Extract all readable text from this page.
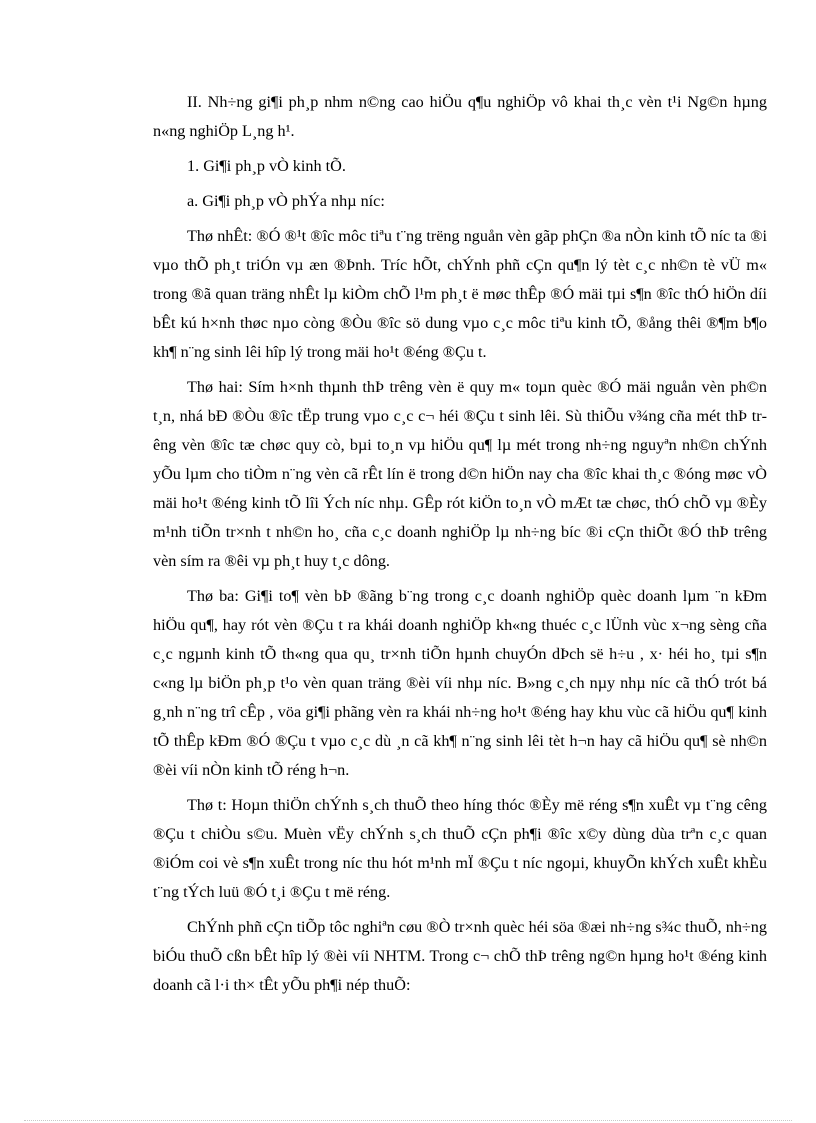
II. Nh÷ng gi¶i ph¸p nhm n©ng cao hiÖu q¶u nghiÖp vô khai th¸c vèn t¹i Ng©n hµng n«ng nghiÖp L¸ng h¹.

1. Gi¶i ph¸p vÒ kinh tÕ.

a. Gi¶i ph¸p vÒ phÝa nhµ níc:

Thø nhÊt: ®Ó ®¹t ®îc môc tiªu t¨ng trëng nguån vèn gãp phÇn ®a nÒn kinh tÕ níc ta ®i vµo thÕ ph¸t triÓn vµ æn ®Þnh. Tríc hÕt, chÝnh phñ cÇn qu¶n lý tèt c¸c nh©n tè vÜ m« trong ®ã quan träng nhÊt lµ kiÒm chÕ l¹m ph¸t ë møc thÊp ®Ó mäi tµi s¶n ®îc thÓ hiÖn díi bÊt kú h×nh thøc nµo còng ®Òu ®îc sö dung vµo c¸c môc tiªu kinh tÕ, ®ång thêi ®¶m b¶o kh¶ n¨ng sinh lêi hîp lý trong mäi ho¹t ®éng ®Çu t.

Thø hai: Sím h×nh thµnh thÞ trêng vèn ë quy m« toµn quèc ®Ó mäi nguån vèn ph©n t¸n, nhá bÐ ®Òu ®îc tËp trung vµo c¸c c¬ héi ®Çu t sinh lêi. Sù thiÕu v¾ng cña mét thÞ trêng vèn ®îc tæ chøc quy cò, bµi to¸n vµ hiÖu qu¶ lµ mét trong nh÷ng nguyªn nh©n chÝnh yÕu lµm cho tiÒm n¨ng vèn cã rÊt lín ë trong d©n hiÖn nay cha ®îc khai th¸c ®óng møc vÒ mäi ho¹t ®éng kinh tÕ lîi Ých níc nhµ. GÊp rót kiÖn to¸n vÒ mÆt tæ chøc, thÓ chÕ vµ ®Èy m¹nh tiÕn tr×nh t nh©n ho¸ cña c¸c doanh nghiÖp lµ nh÷ng bíc ®i cÇn thiÕt ®Ó thÞ trêng vèn sím ra ®êi vµ ph¸t huy t¸c dông.

Thø ba: Gi¶i to¶ vèn bÞ ®ãng b¨ng trong c¸c doanh nghiÖp quèc doanh lµm ¨n kÐm hiÖu qu¶, hay rót vèn ®Çu t ra khái doanh nghiÖp kh«ng thuéc c¸c lÜnh vùc x¬ng sèng cña c¸c ngµnh kinh tÕ th«ng qua qu¸ tr×nh tiÕn hµnh chuyÓn dÞch së h÷u , x· héi ho¸ tµi s¶n c«ng lµ biÖn ph¸p t¹o vèn quan träng ®èi víi nhµ níc. B»ng c¸ch nµy nhµ níc cã thÓ trót bá g¸nh n¨ng trî cÊp , vöa gi¶i phãng vèn ra khái nh÷ng ho¹t ®éng hay khu vùc cã hiÖu qu¶ kinh tÕ thÊp kÐm ®Ó ®Çu t vµo c¸c dù ¸n cã kh¶ n¨ng sinh lêi tèt h¬n hay cã hiÖu qu¶ sè nh©n ®èi víi nÒn kinh tÕ réng h¬n.

Thø t: Hoµn thiÖn chÝnh s¸ch thuÕ theo híng thóc ®Èy më réng s¶n xuÊt vµ t¨ng cêng ®Çu t chiÒu s©u. Muèn vËy chÝnh s¸ch thuÕ cÇn ph¶i ®îc x©y dùng dùa trªn c¸c quan ®iÓm coi vè s¶n xuÊt trong níc thu hót m¹nh mÏ ®Çu t níc ngoµi, khuyÕn khÝch xuÊt khÈu t¨ng tÝch luü ®Ó t¸i ®Çu t më réng.

ChÝnh phñ cÇn tiÕp tôc nghiªn cøu ®Ò tr×nh quèc héi söa ®æi nh÷ng s¾c thuÕ, nh÷ng biÓu thuÕ cßn bÊt hîp lý ®èi víi NHTM. Trong c¬ chÕ thÞ trêng ng©n hµng ho¹t ®éng kinh doanh cã l·i th× tÊt yÕu ph¶i nép thuÕ:
